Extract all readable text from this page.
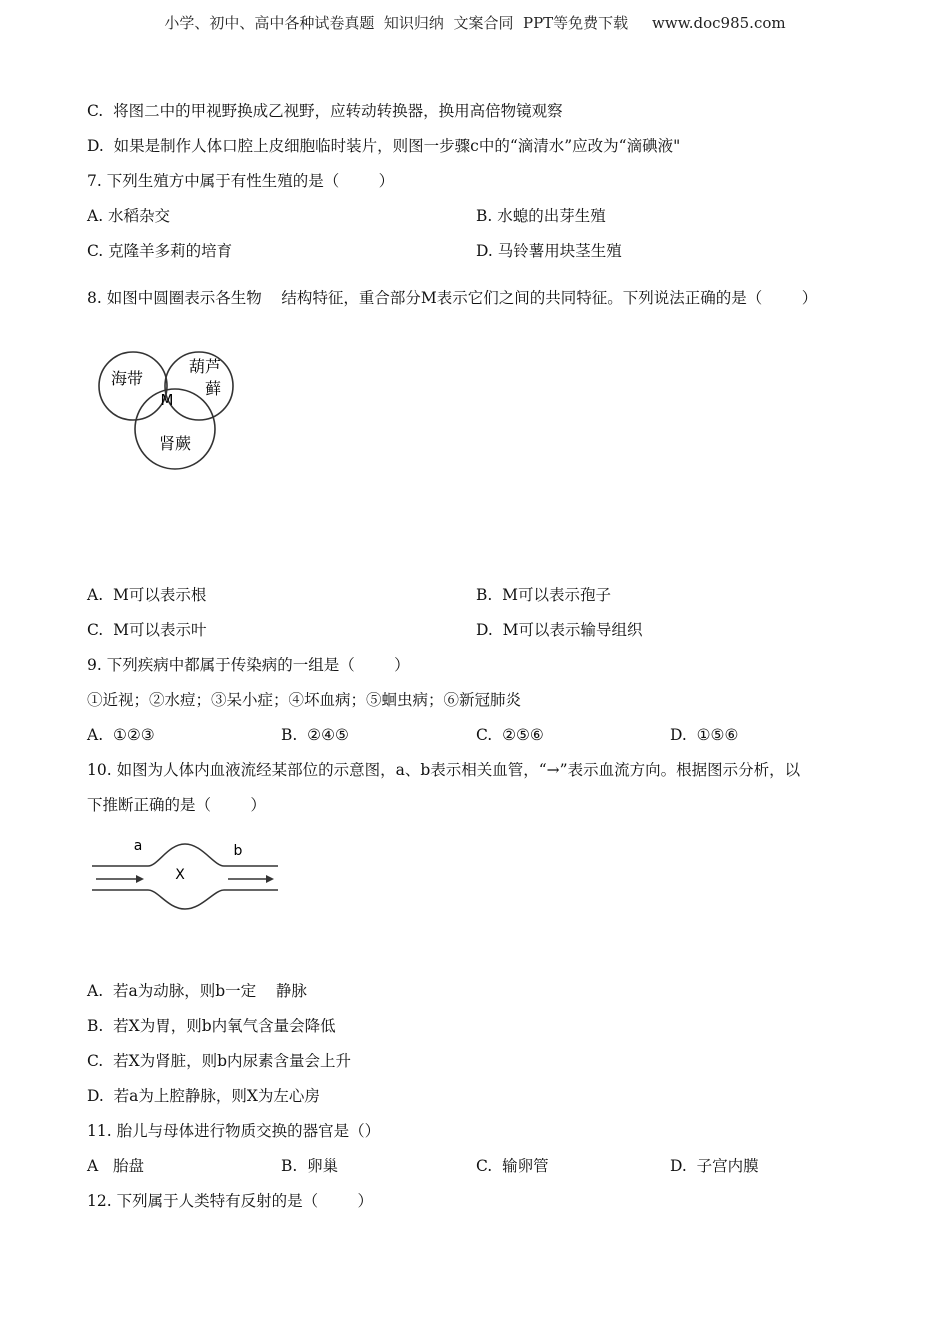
小学、初中、高中各种试卷真题  知识归纳  文案合同  PPT等免费下载     www.doc985.com
C.  将图二中的甲视野换成乙视野，应转动转换器，换用高倍物镜观察
D.  如果是制作人体口腔上皮细胞临时装片，则图一步骤c中的“滴清水”应改为“滴碘液"
7. 下列生殖方中属于有性生殖的是（        ）
A. 水稻杂交	B. 水螅的出芽生殖
C. 克隆羊多莉的培育	D. 马铃薯用块茎生殖
8. 如图中圆圈表示各生物    结构特征，重合部分M表示它们之间的共同特征。下列说法正确的是（        ）
海带
葫芦
藓
肾蕨
M
A.  M可以表示根	B.  M可以表示孢子
C.  M可以表示叶	D.  M可以表示输导组织
9. 下列疾病中都属于传染病的一组是（        ）
①近视；②水痘；③呆小症；④坏血病；⑤蛔虫病；⑥新冠肺炎
A.  ①②③	B.  ②④⑤	C.  ②⑤⑥	D.  ①⑤⑥
10. 如图为人体内血液流经某部位的示意图，a、b表示相关血管，“→”表示血流方向。根据图示分析，以
下推断正确的是（        ）
a	b
X
A.  若a为动脉，则b一定    静脉
B.  若X为胃，则b内氧气含量会降低
C.  若X为肾脏，则b内尿素含量会上升
D.  若a为上腔静脉，则X为左心房
11. 胎儿与母体进行物质交换的器官是（）
A   胎盘	B.  卵巢	C.  输卵管	D.  子宫内膜
12. 下列属于人类特有反射的是（        ）
